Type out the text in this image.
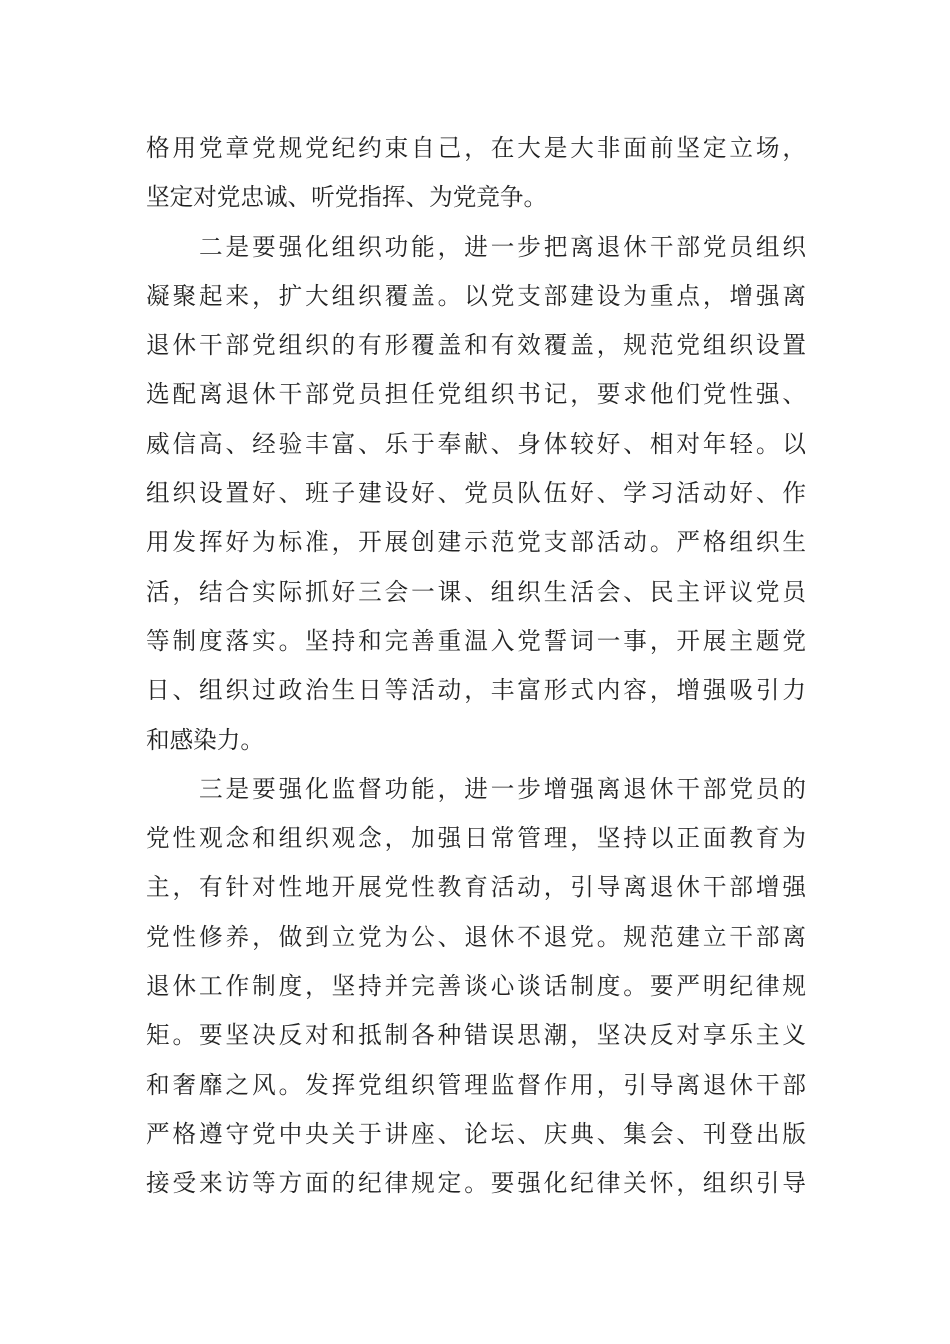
格用党章党规党纪约束自己，在大是大非面前坚定立场，
坚定对党忠诚、听党指挥、为党竞争。
　　二是要强化组织功能，进一步把离退休干部党员组织
凝聚起来，扩大组织覆盖。以党支部建设为重点，增强离
退休干部党组织的有形覆盖和有效覆盖，规范党组织设置
选配离退休干部党员担任党组织书记，要求他们党性强、
威信高、经验丰富、乐于奉献、身体较好、相对年轻。以
组织设置好、班子建设好、党员队伍好、学习活动好、作
用发挥好为标准，开展创建示范党支部活动。严格组织生
活，结合实际抓好三会一课、组织生活会、民主评议党员
等制度落实。坚持和完善重温入党誓词一事，开展主题党
日、组织过政治生日等活动，丰富形式内容，增强吸引力
和感染力。
　　三是要强化监督功能，进一步增强离退休干部党员的
党性观念和组织观念，加强日常管理，坚持以正面教育为
主，有针对性地开展党性教育活动，引导离退休干部增强
党性修养，做到立党为公、退休不退党。规范建立干部离
退休工作制度，坚持并完善谈心谈话制度。要严明纪律规
矩。要坚决反对和抵制各种错误思潮，坚决反对享乐主义
和奢靡之风。发挥党组织管理监督作用，引导离退休干部
严格遵守党中央关于讲座、论坛、庆典、集会、刊登出版
接受来访等方面的纪律规定。要强化纪律关怀，组织引导
